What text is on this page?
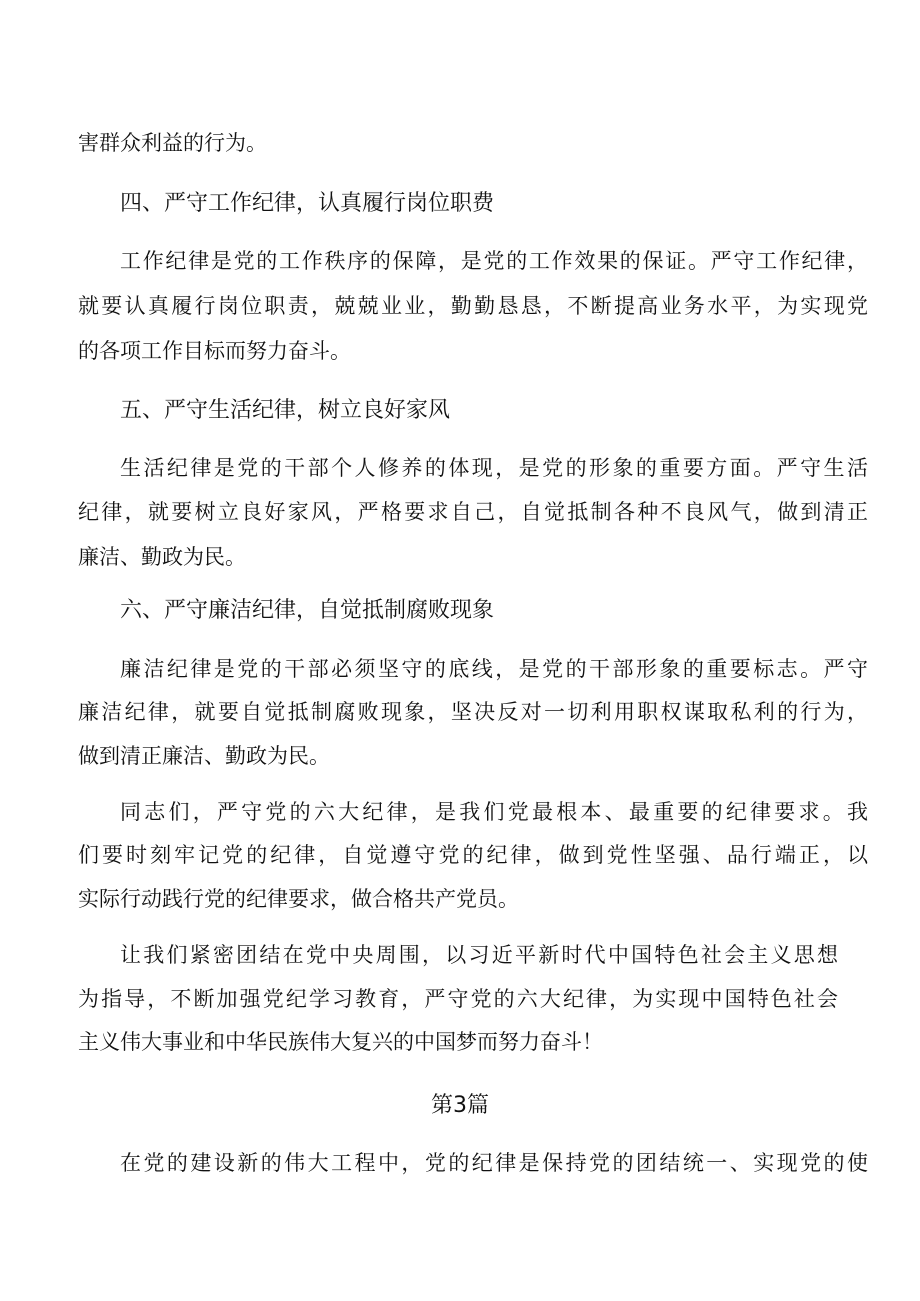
害群众利益的行为。
四、严守工作纪律，认真履行岗位职费
工作纪律是党的工作秩序的保障，是党的工作效果的保证。严守工作纪律，
就要认真履行岗位职责，兢兢业业，勤勤恳恳，不断提高业务水平，为实现党
的各项工作目标而努力奋斗。
五、严守生活纪律，树立良好家风
生活纪律是党的干部个人修养的体现，是党的形象的重要方面。严守生活
纪律，就要树立良好家风，严格要求自己，自觉抵制各种不良风气，做到清正
廉洁、勤政为民。
六、严守廉洁纪律，自觉抵制腐败现象
廉洁纪律是党的干部必须坚守的底线，是党的干部形象的重要标志。严守
廉洁纪律，就要自觉抵制腐败现象，坚决反对一切利用职权谋取私利的行为，
做到清正廉洁、勤政为民。
同志们，严守党的六大纪律，是我们党最根本、最重要的纪律要求。我
们要时刻牢记党的纪律，自觉遵守党的纪律，做到党性坚强、品行端正，以
实际行动践行党的纪律要求，做合格共产党员。
让我们紧密团结在党中央周围，以习近平新时代中国特色社会主义思想
为指导，不断加强党纪学习教育，严守党的六大纪律，为实现中国特色社会
主义伟大事业和中华民族伟大复兴的中国梦而努力奋斗！
第3篇
在党的建设新的伟大工程中，党的纪律是保持党的团结统一、实现党的使
